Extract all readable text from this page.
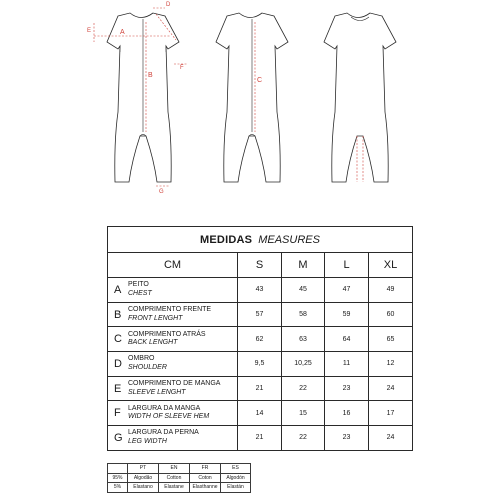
A
B
D
E
F
G
C
MEDIDAS MEASURES				
CM	S	M	L	XL
A PEITO
CHEST	43	45	47	49
B COMPRIMENTO FRENTE
FRONT LENGHT	57	58	59	60
C COMPRIMENTO ATRÁS
BACK LENGHT	62	63	64	65
D OMBRO
SHOULDER	9,5	10,25	11	12
E COMPRIMENTO DE MANGA
SLEEVE LENGHT	21	22	23	24
F LARGURA DA MANGA
WIDTH OF SLEEVE HEM	14	15	16	17
G LARGURA DA PERNA
LEG WIDTH	21	22	23	24
	PT	EN	FR	ES
95%	Algodão	Cotton	Coton	Algodón
5%	Elastano	Elastane	Elasthanne	Elastán
